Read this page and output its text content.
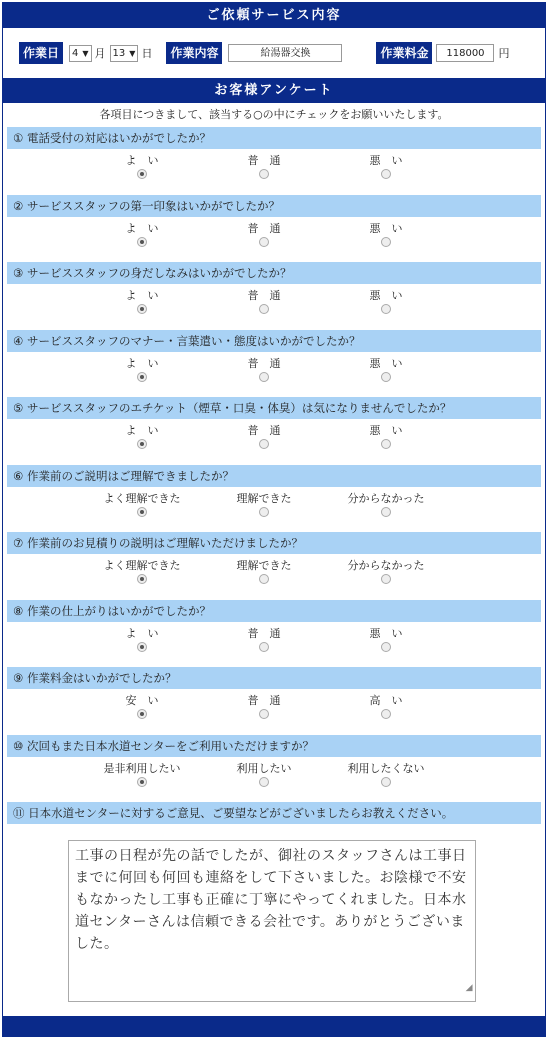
ご依頼サービス内容
作業日	4 ▼ 月 13 ▼ 日	作業内容	給湯器交換	作業料金	118000	円
お客様アンケート
各項目につきまして、該当する○の中にチェックをお願いいたします。
① 電話受付の対応はいかがでしたか？
よ　い	普　通	悪　い
② サービススタッフの第一印象はいかがでしたか？
よ　い	普　通	悪　い
③ サービススタッフの身だしなみはいかがでしたか？
よ　い	普　通	悪　い
④ サービススタッフのマナー・言葉遣い・態度はいかがでしたか？
よ　い	普　通	悪　い
⑤ サービススタッフのエチケット（煙草・口臭・体臭）は気になりませんでしたか？
よ　い	普　通	悪　い
⑥ 作業前のご説明はご理解できましたか？
よく理解できた	理解できた	分からなかった
⑦ 作業前のお見積りの説明はご理解いただけましたか？
よく理解できた	理解できた	分からなかった
⑧ 作業の仕上がりはいかがでしたか？
よ　い	普　通	悪　い
⑨ 作業料金はいかがでしたか？
安　い	普　通	高　い
⑩ 次回もまた日本水道センターをご利用いただけますか？
是非利用したい	利用したい	利用したくない
⑪ 日本水道センターに対するご意見、ご要望などがございましたらお教えください。
工事の日程が先の話でしたが、御社のスタッフさんは工事日までに何回も何回も連絡をして下さいました。お陰様で不安もなかったし工事も正確に丁寧にやってくれました。日本水道センターさんは信頼できる会社です。ありがとうございました。
◢
